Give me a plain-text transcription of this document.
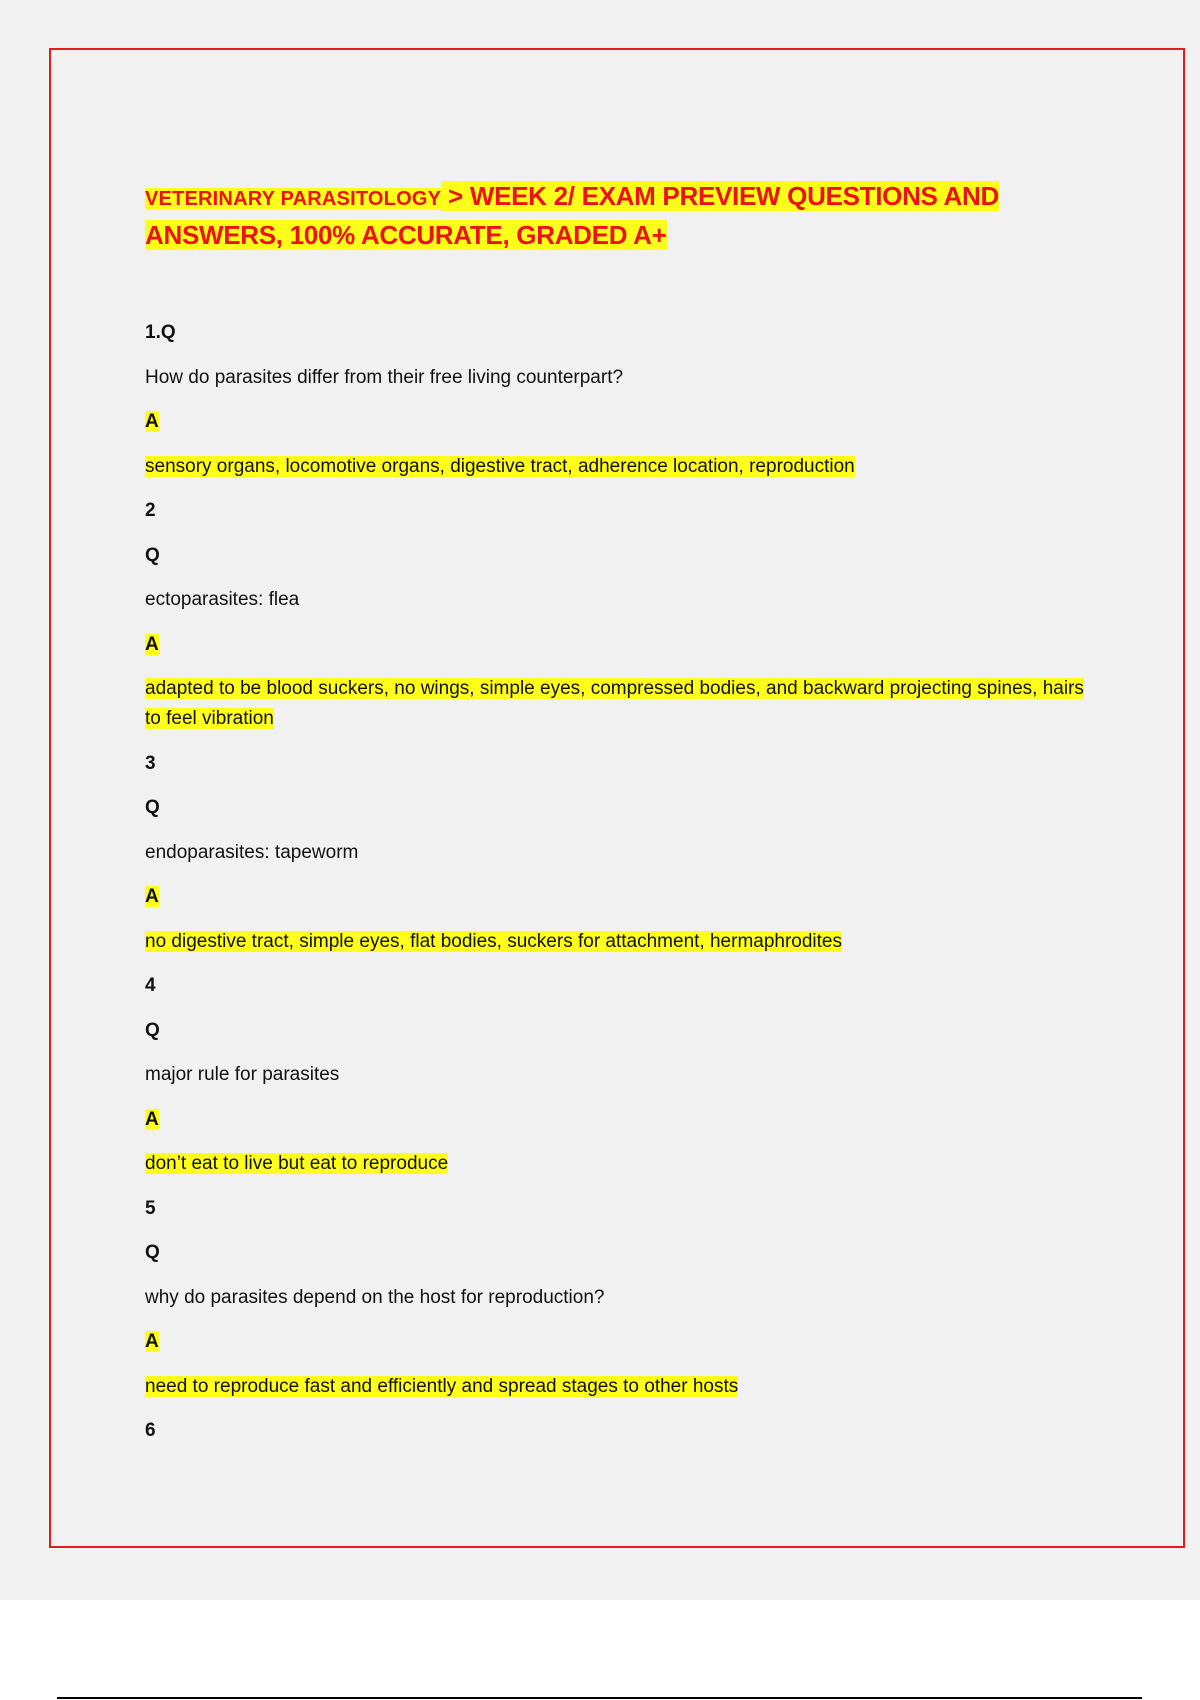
VETERINARY PARASITOLOGY > WEEK 2/ EXAM PREVIEW QUESTIONS AND ANSWERS, 100% ACCURATE, GRADED A+
1.Q
How do parasites differ from their free living counterpart?
A
sensory organs, locomotive organs, digestive tract, adherence location, reproduction
2
Q
ectoparasites: flea
A
adapted to be blood suckers, no wings, simple eyes, compressed bodies, and backward projecting spines, hairs to feel vibration
3
Q
endoparasites: tapeworm
A
no digestive tract, simple eyes, flat bodies, suckers for attachment, hermaphrodites
4
Q
major rule for parasites
A
don’t eat to live but eat to reproduce
5
Q
why do parasites depend on the host for reproduction?
A
need to reproduce fast and efficiently and spread stages to other hosts
6
